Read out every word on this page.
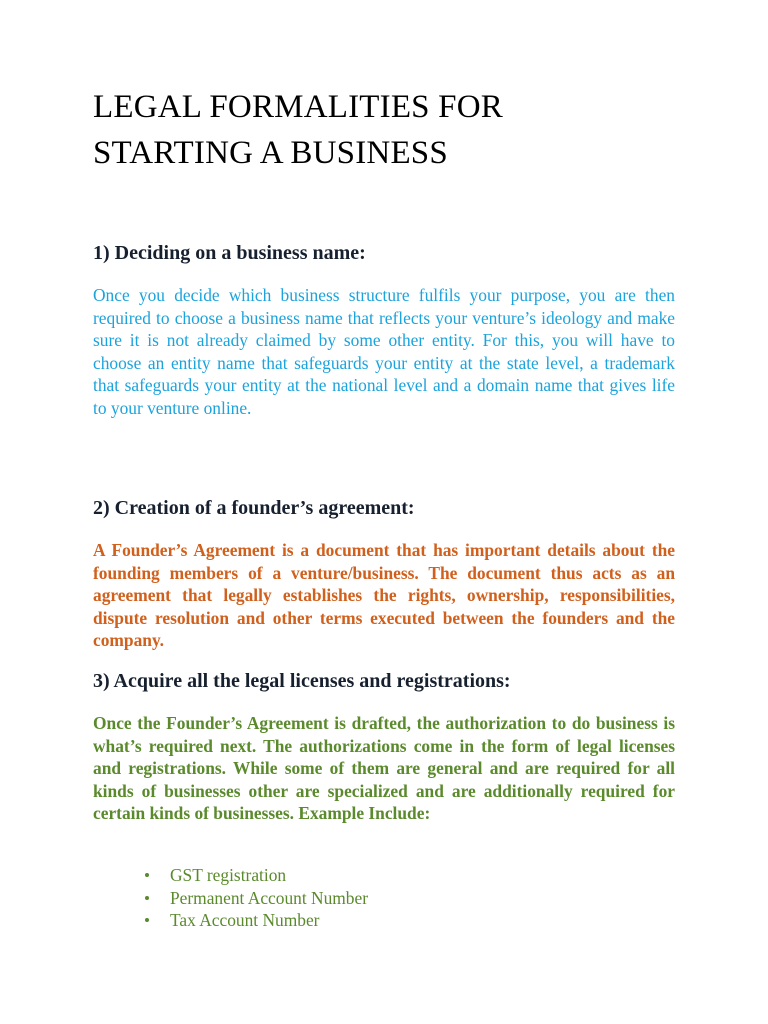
LEGAL FORMALITIES FOR
STARTING A BUSINESS
1) Deciding on a business name:
Once you decide which business structure fulfils your purpose, you are then required to choose a business name that reflects your venture’s ideology and make sure it is not already claimed by some other entity. For this, you will have to choose an entity name that safeguards your entity at the state level, a trademark that safeguards your entity at the national level and a domain name that gives life to your venture online.
2) Creation of a founder’s agreement:
A Founder’s Agreement is a document that has important details about the founding members of a venture/business. The document thus acts as an agreement that legally establishes the rights, ownership, responsibilities, dispute resolution and other terms executed between the founders and the company.
3) Acquire all the legal licenses and registrations:
Once the Founder’s Agreement is drafted, the authorization to do business is what’s required next. The authorizations come in the form of legal licenses and registrations. While some of them are general and are required for all kinds of businesses other are specialized and are additionally required for certain kinds of businesses. Example Include:
GST registration
Permanent Account Number
Tax Account Number
